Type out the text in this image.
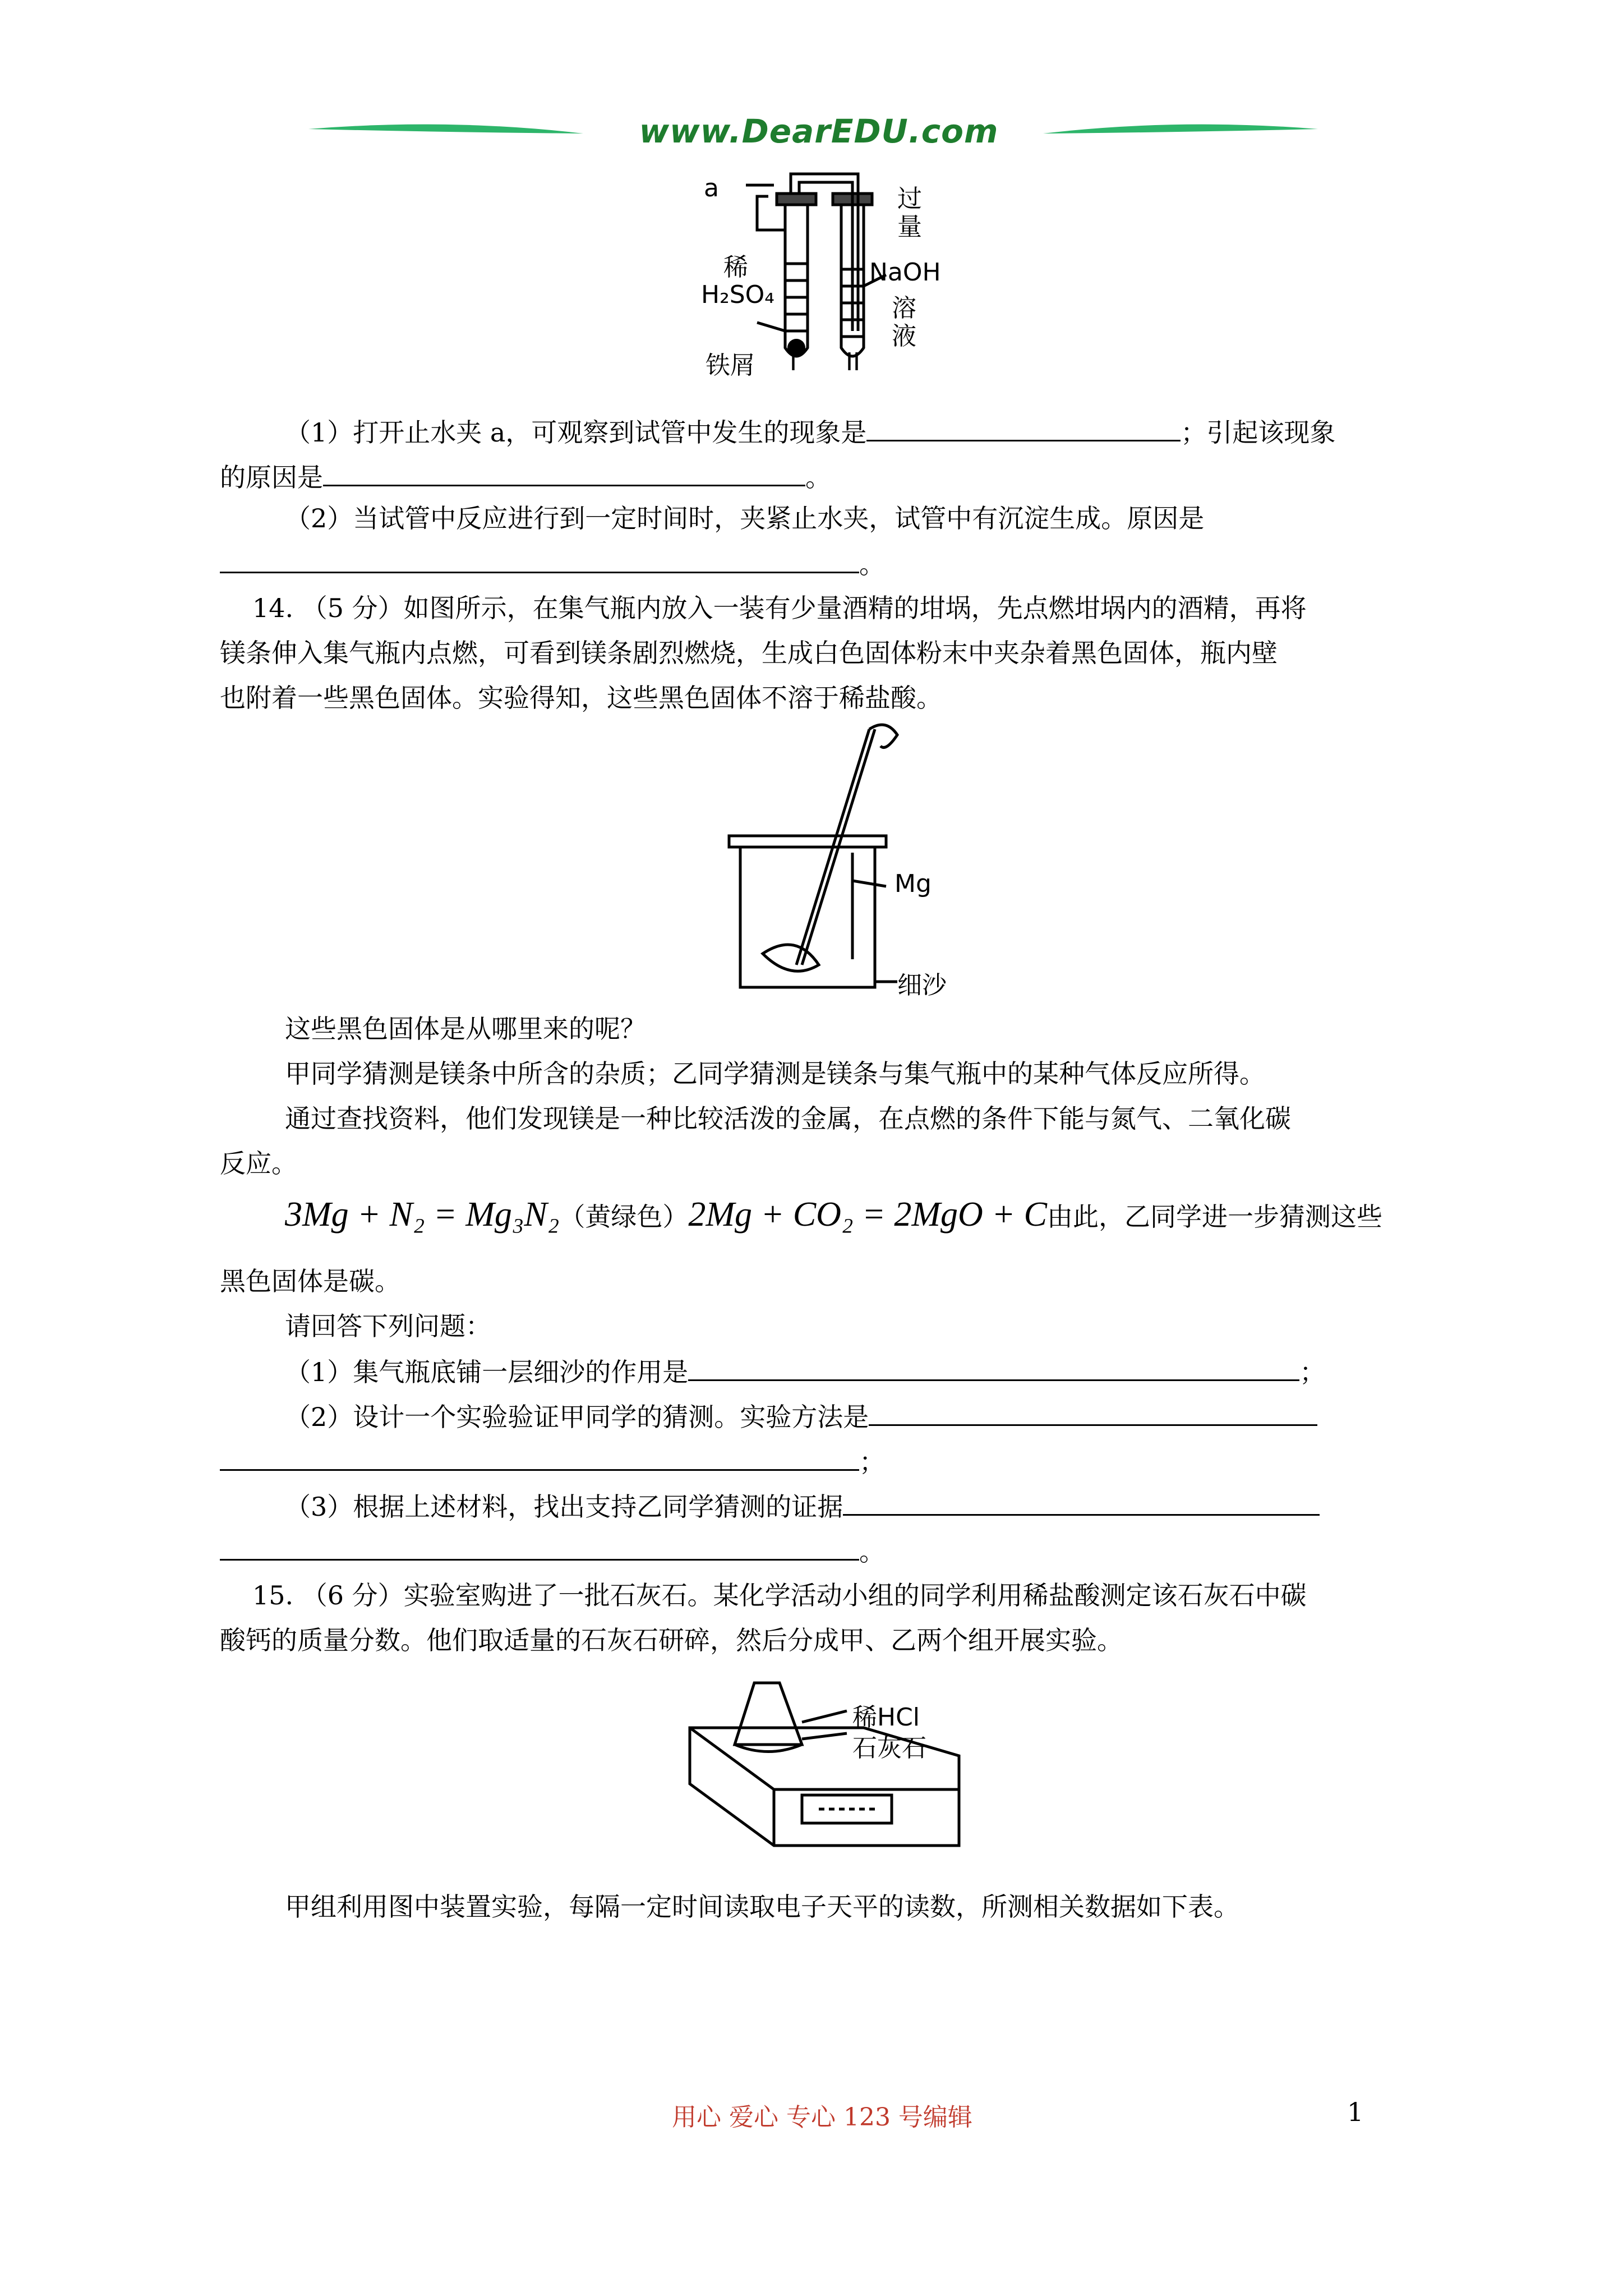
www.DearEDU.com
a	过量
NaOH
溶液
稀
H₂SO₄
铁屑 I II
（1）打开止水夹 a，可观察到试管中发生的现象是	；引起该现象
的原因是	。
（2）当试管中反应进行到一定时间时，夹紧止水夹，试管中有沉淀生成。原因是
。
14. （5 分）如图所示，在集气瓶内放入一装有少量酒精的坩埚，先点燃坩埚内的酒精，再将
镁条伸入集气瓶内点燃，可看到镁条剧烈燃烧，生成白色固体粉末中夹杂着黑色固体，瓶内壁
也附着一些黑色固体。实验得知，这些黑色固体不溶于稀盐酸。
Mg
细沙
这些黑色固体是从哪里来的呢？
甲同学猜测是镁条中所含的杂质；乙同学猜测是镁条与集气瓶中的某种气体反应所得。
通过查找资料，他们发现镁是一种比较活泼的金属，在点燃的条件下能与氮气、二氧化碳
反应。
3Mg + N₂ = Mg₃N₂（黄绿色）2Mg + CO₂ = 2MgO + C由此，乙同学进一步猜测这些
黑色固体是碳。
请回答下列问题：
（1）集气瓶底铺一层细沙的作用是	；
（2）设计一个实验验证甲同学的猜测。实验方法是
；
（3）根据上述材料，找出支持乙同学猜测的证据
。
15. （6 分）实验室购进了一批石灰石。某化学活动小组的同学利用稀盐酸测定该石灰石中碳
酸钙的质量分数。他们取适量的石灰石研碎，然后分成甲、乙两个组开展实验。
稀HCl
石灰石
甲组利用图中装置实验，每隔一定时间读取电子天平的读数，所测相关数据如下表。
用心 爱心 专心 123 号编辑	1
